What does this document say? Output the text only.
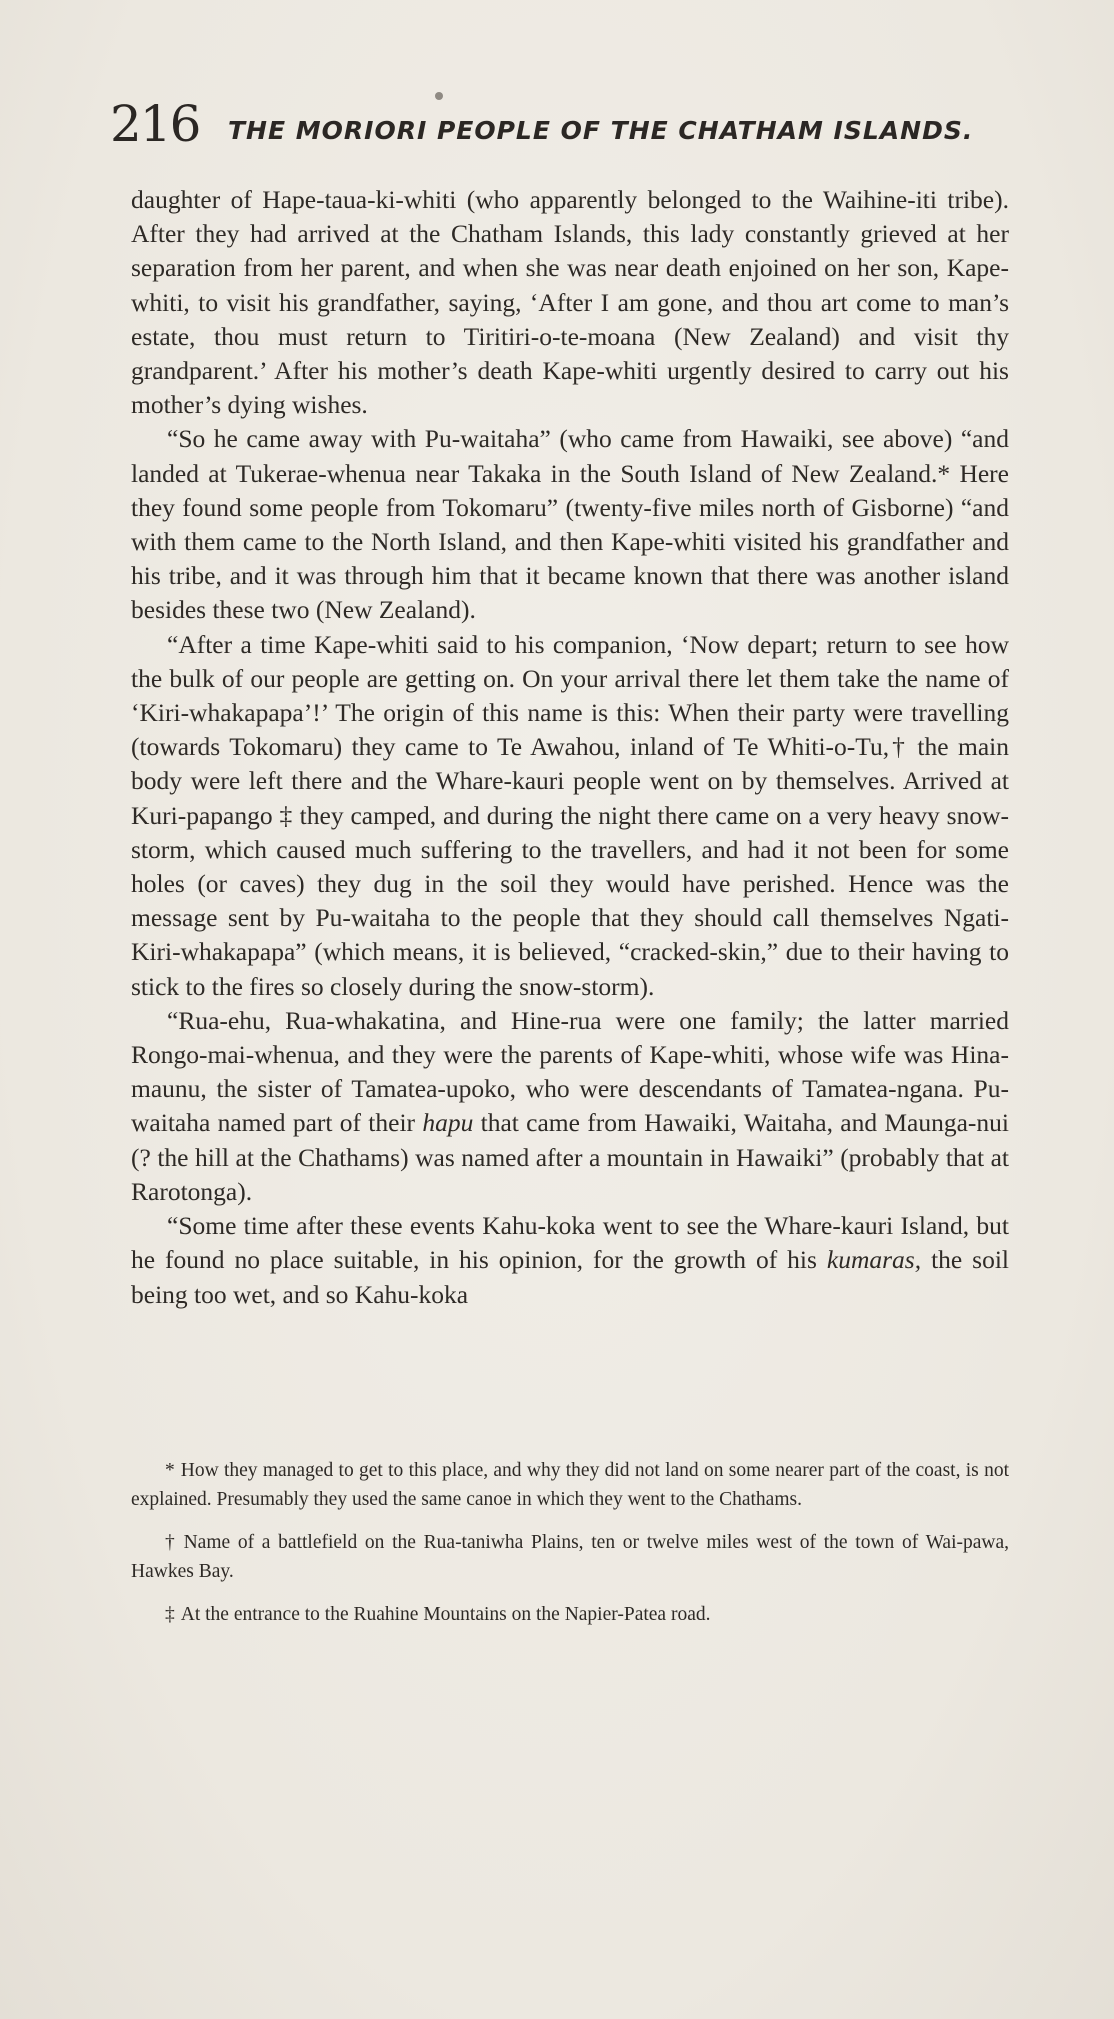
216 THE MORIORI PEOPLE OF THE CHATHAM ISLANDS.

daughter of Hape-taua-ki-whiti (who apparently belonged to the Waihine-iti tribe). After they had arrived at the Chatham Islands, this lady constantly grieved at her separation from her parent, and when she was near death enjoined on her son, Kape-whiti, to visit his grandfather, saying, ‘After I am gone, and thou art come to man’s estate, thou must return to Tiritiri-o-te-moana (New Zealand) and visit thy grandparent.’ After his mother’s death Kape-whiti urgently desired to carry out his mother’s dying wishes.

“So he came away with Pu-waitaha” (who came from Hawaiki, see above) “and landed at Tukerae-whenua near Takaka in the South Island of New Zealand.* Here they found some people from Tokomaru” (twenty-five miles north of Gisborne) “and with them came to the North Island, and then Kape-whiti visited his grandfather and his tribe, and it was through him that it became known that there was another island besides these two (New Zealand).

“After a time Kape-whiti said to his companion, ‘Now depart; return to see how the bulk of our people are getting on. On your arrival there let them take the name of ‘Kiri-whakapapa’!’ The origin of this name is this: When their party were travelling (towards Tokomaru) they came to Te Awahou, inland of Te Whiti-o-Tu,† the main body were left there and the Whare-kauri people went on by themselves. Arrived at Kuri-papango ‡ they camped, and during the night there came on a very heavy snow-storm, which caused much suffering to the travellers, and had it not been for some holes (or caves) they dug in the soil they would have perished. Hence was the message sent by Pu-waitaha to the people that they should call themselves Ngati-Kiri-whakapapa” (which means, it is believed, “cracked-skin,” due to their having to stick to the fires so closely during the snow-storm).

“Rua-ehu, Rua-whakatina, and Hine-rua were one family; the latter married Rongo-mai-whenua, and they were the parents of Kape-whiti, whose wife was Hina-maunu, the sister of Tamatea-upoko, who were descendants of Tamatea-ngana. Pu-waitaha named part of their hapu that came from Hawaiki, Waitaha, and Maunga-nui (? the hill at the Chathams) was named after a mountain in Hawaiki” (probably that at Rarotonga).

“Some time after these events Kahu-koka went to see the Whare-kauri Island, but he found no place suitable, in his opinion, for the growth of his kumaras, the soil being too wet, and so Kahu-koka

* How they managed to get to this place, and why they did not land on some nearer part of the coast, is not explained. Presumably they used the same canoe in which they went to the Chathams.

† Name of a battlefield on the Rua-taniwha Plains, ten or twelve miles west of the town of Wai-pawa, Hawkes Bay.

‡ At the entrance to the Ruahine Mountains on the Napier-Patea road.
